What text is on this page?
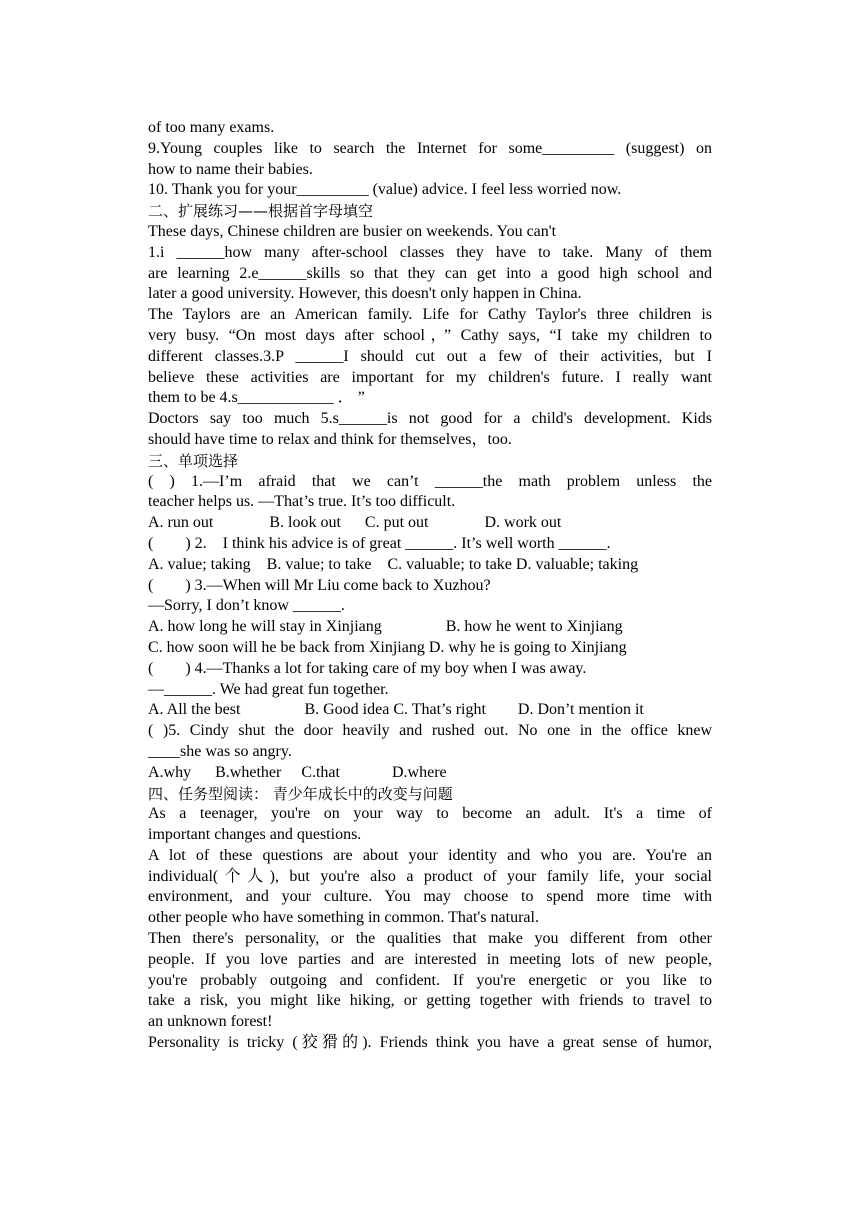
of too many exams.
9.Young couples like to search the Internet for some_________ (suggest) on
how to name their babies.
10. Thank you for your_________ (value) advice. I feel less worried now.
二、扩展练习——根据首字母填空
These days, Chinese children are busier on weekends. You can't
1.i ______how many after-school classes they have to take. Many of them
are learning 2.e______skills so that they can get into a good high school and
later a good university. However, this doesn't only happen in China.
The Taylors are an American family. Life for Cathy Taylor's three children is
very busy. “On most days after school，” Cathy says, “I take my children to
different classes.3.P ______I should cut out a few of their activities, but I
believe these activities are important for my children's future. I really want
them to be 4.s____________ ． ”
Doctors say too much 5.s______is not good for a child's development. Kids
should have time to relax and think for themselves，too.
三、单项选择
( ) 1.—I’m afraid that we can’t ______the math problem unless the
teacher helps us. —That’s true. It’s too difficult.
A. run out              B. look out      C. put out              D. work out
(        ) 2.    I think his advice is of great ______. It’s well worth ______.
A. value; taking    B. value; to take    C. valuable; to take D. valuable; taking
(        ) 3.—When will Mr Liu come back to Xuzhou?
—Sorry, I don’t know ______.
A. how long he will stay in Xinjiang                B. how he went to Xinjiang
C. how soon will he be back from Xinjiang D. why he is going to Xinjiang
(        ) 4.—Thanks a lot for taking care of my boy when I was away.
—______. We had great fun together.
A. All the best                B. Good idea C. That’s right        D. Don’t mention it
( )5. Cindy shut the door heavily and rushed out. No one in the office knew
____she was so angry.
A.why      B.whether     C.that             D.where
四、任务型阅读： 青少年成长中的改变与问题
As a teenager, you're on your way to become an adult. It's a time of
important changes and questions.
A lot of these questions are about your identity and who you are. You're an
individual(个人), but you're also a product of your family life, your social
environment, and your culture. You may choose to spend more time with
other people who have something in common. That's natural.
Then there's personality, or the qualities that make you different from other
people. If you love parties and are interested in meeting lots of new people,
you're probably outgoing and confident. If you're energetic or you like to
take a risk, you might like hiking, or getting together with friends to travel to
an unknown forest!
Personality is tricky (狡猾的). Friends think you have a great sense of humor,
